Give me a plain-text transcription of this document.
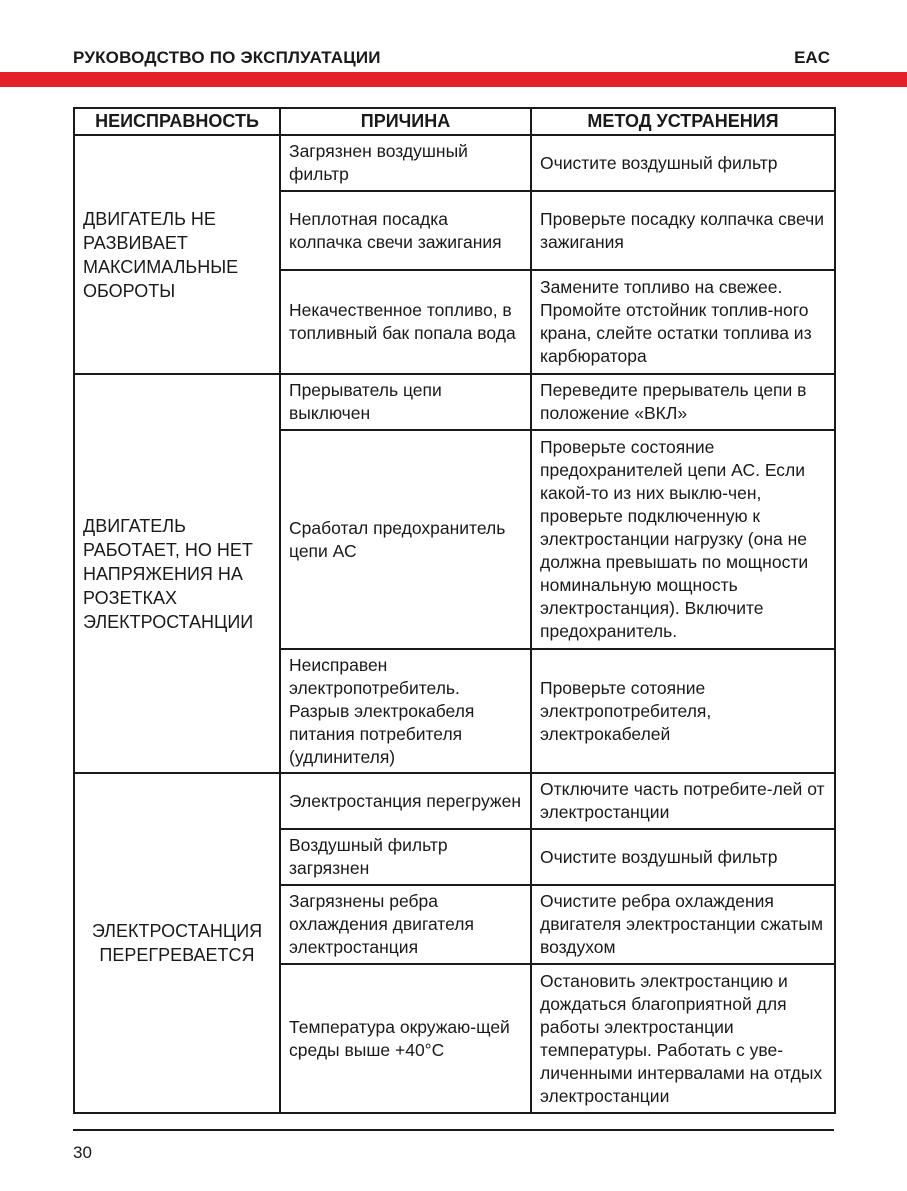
РУКОВОДСТВО ПО ЭКСПЛУАТАЦИИ	EAC
НЕИСПРАВНОСТЬ	ПРИЧИНА	МЕТОД УСТРАНЕНИЯ
ДВИГАТЕЛЬ НЕ РАЗВИВАЕТ МАКСИМАЛЬНЫЕ ОБОРОТЫ	Загрязнен воздушный фильтр	Очистите воздушный фильтр
	Неплотная посадка колпачка свечи зажигания	Проверьте посадку колпачка свечи зажигания
	Некачественное топливо, в топливный бак попала вода	Замените топливо на свежее. Промойте отстойник топлив-ного крана, слейте остатки топлива из карбюратора
ДВИГАТЕЛЬ РАБОТАЕТ, НО НЕТ НАПРЯЖЕНИЯ НА РОЗЕТКАХ ЭЛЕКТРОСТАНЦИИ	Прерыватель цепи выключен	Переведите прерыватель цепи в положение «ВКЛ»
	Сработал предохранитель цепи АС	Проверьте состояние предохранителей цепи АС. Если какой-то из них выклю-чен, проверьте подключенную к электростанции нагрузку (она не должна превышать по мощности номинальную мощность электростанция). Включите предохранитель.
	Неисправен электропотребитель. Разрыв электрокабеля питания потребителя (удлинителя)	Проверьте сотояние электропотребителя, электрокабелей
ЭЛЕКТРОСТАНЦИЯ ПЕРЕГРЕВАЕТСЯ	Электростанция перегружен	Отключите часть потребите-лей от электростанции
	Воздушный фильтр загрязнен	Очистите воздушный фильтр
	Загрязнены ребра охлаждения двигателя электростанция	Очистите ребра охлаждения двигателя электростанции сжатым воздухом
	Температура окружаю-щей среды выше +40°С	Остановить электростанцию и дождаться благоприятной для работы электростанции температуры. Работать с уве-личенными интервалами на отдых электростанции
30
